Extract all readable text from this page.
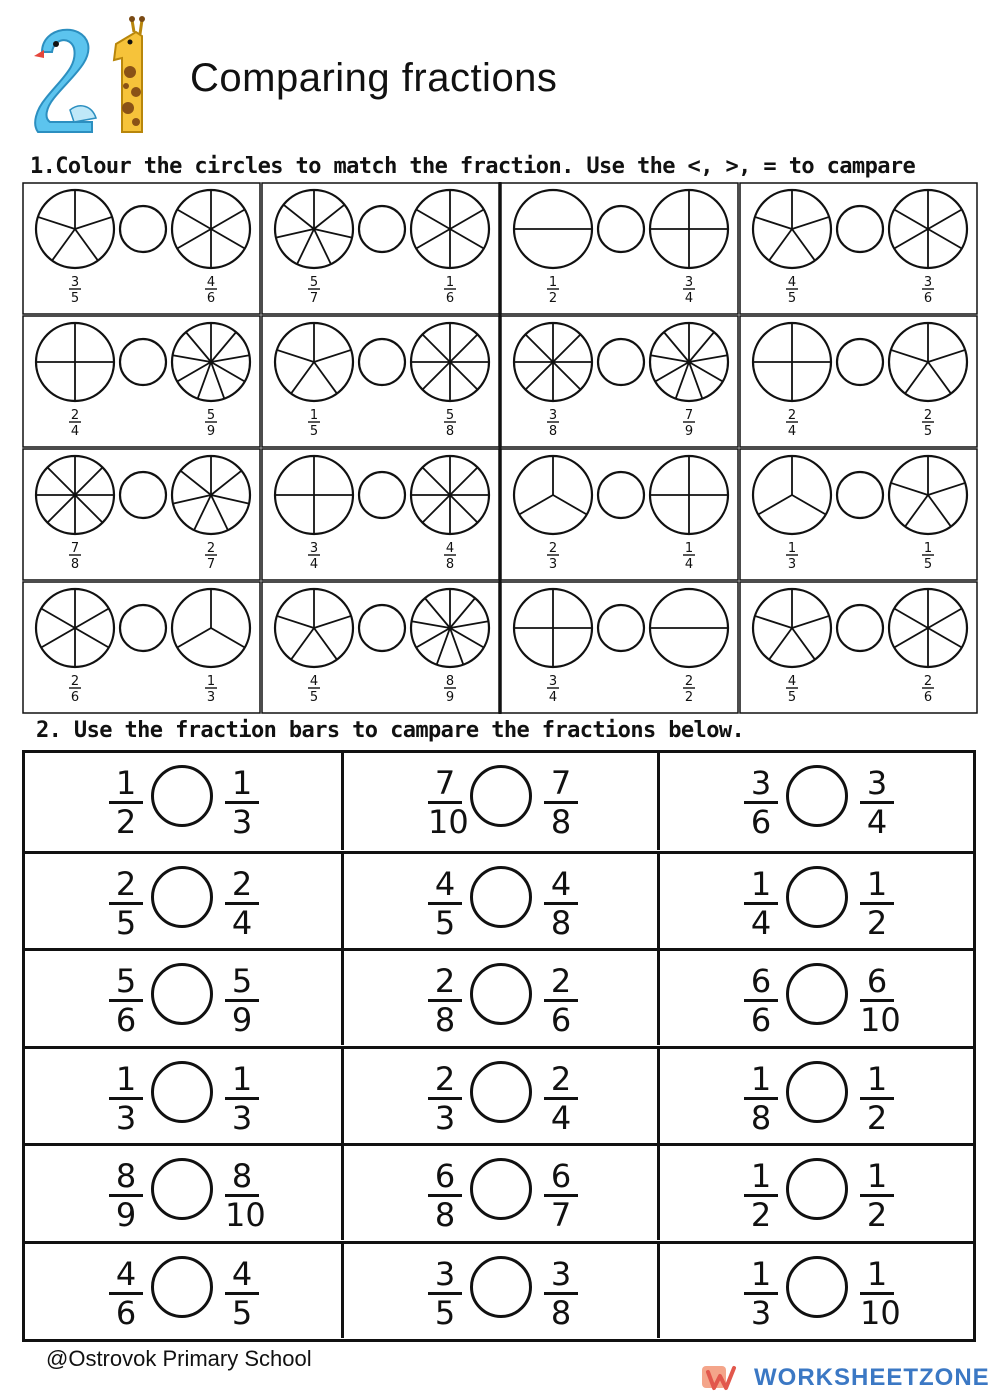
Comparing fractions
1.Colour the circles to match the fraction. Use the <, >, = to campare
3
5
4
6
5
7
1
6
1
2
3
4
4
5
3
6
2
4
5
9
1
5
5
8
3
8
7
9
2
4
2
5
7
8
2
7
3
4
4
8
2
3
1
4
1
3
1
5
2
6
1
3
4
5
8
9
3
4
2
2
4
5
2
6
2. Use the fraction bars to campare the fractions below.
1
2
1
3
7
10
7
8
3
6
3
4
2
5
2
4
4
5
4
8
1
4
1
2
5
6
5
9
2
8
2
6
6
6
6
10
1
3
1
3
2
3
2
4
1
8
1
2
8
9
8
10
6
8
6
7
1
2
1
2
4
6
4
5
3
5
3
8
1
3
1
10
@Ostrovok Primary School
WORKSHEETZONE
